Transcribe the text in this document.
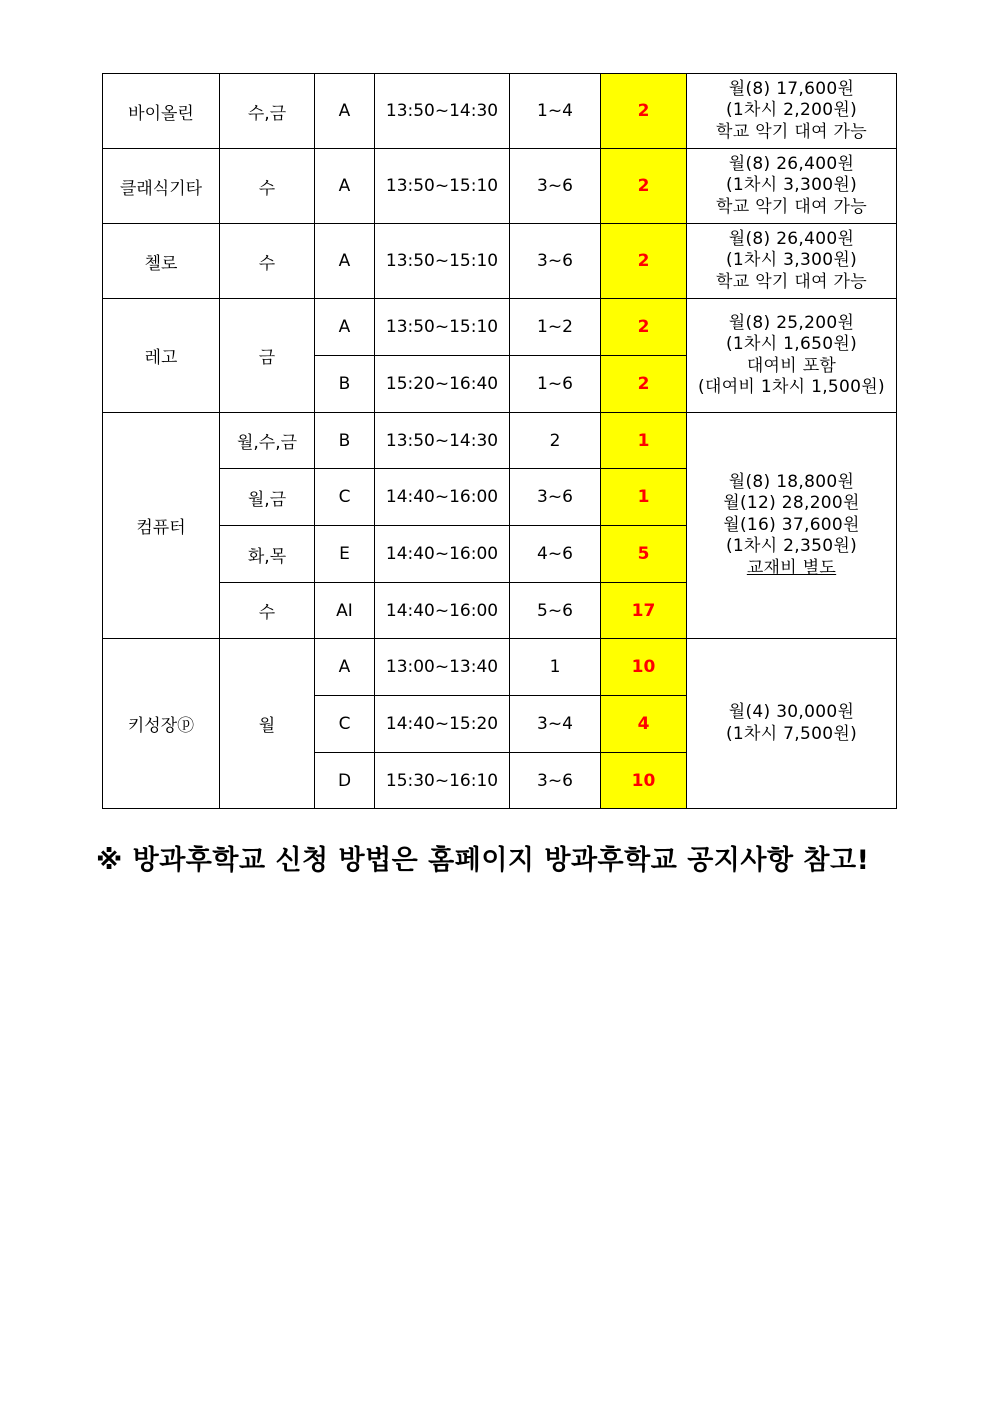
바이올린	수,금	A	13:50~14:30	1~4	2	월(8) 17,600원
(1차시 2,200원)
학교 악기 대여 가능

클래식기타	수	A	13:50~15:10	3~6	2	월(8) 26,400원
(1차시 3,300원)
학교 악기 대여 가능

첼로	수	A	13:50~15:10	3~6	2	월(8) 26,400원
(1차시 3,300원)
학교 악기 대여 가능

레고	금	A	13:50~15:10	1~2	2	월(8) 25,200원
(1차시 1,650원)
대여비 포함
(대여비 1차시 1,500원)

		B	15:20~16:40	1~6	2	
컴퓨터	월,수,금	B	13:50~14:30	2	1	월(8) 18,800원
월(12) 28,200원
월(16) 37,600원
(1차시 2,350원)
교재비 별도

	월,금	C	14:40~16:00	3~6	1	
	화,목	E	14:40~16:00	4~6	5	
	수	AI	14:40~16:00	5~6	17	
키성장ⓟ	월	A	13:00~13:40	1	10	월(4) 30,000원
(1차시 7,500원)

		C	14:40~15:20	3~4	4	
		D	15:30~16:10	3~6	10	
※ 방과후학교 신청 방법은 홈페이지 방과후학교 공지사항 참고!
